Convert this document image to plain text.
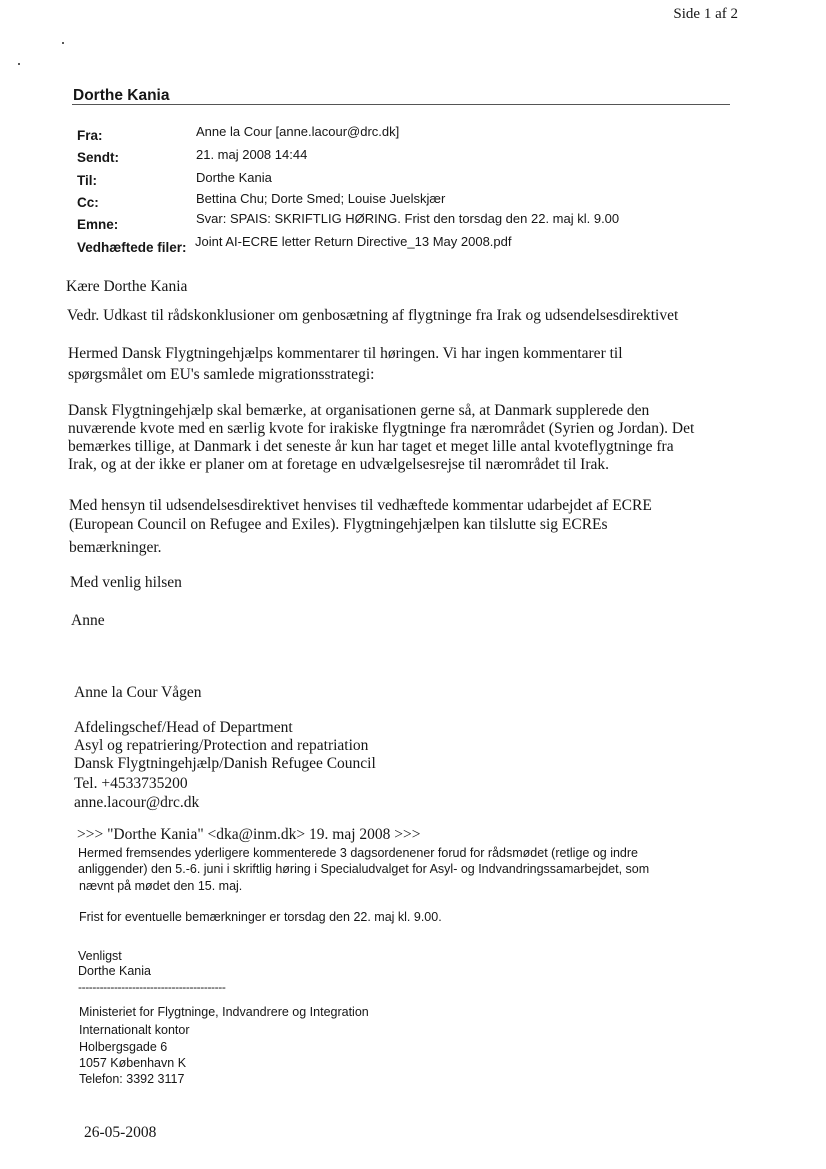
Side 1 af 2
Dorthe Kania
Fra:	Anne la Cour [anne.lacour@drc.dk]
Sendt:	21. maj 2008 14:44
Til:	Dorthe Kania
Cc:	Bettina Chu; Dorte Smed; Louise Juelskjær
Emne:	Svar: SPAIS: SKRIFTLIG HØRING. Frist den torsdag den 22. maj kl. 9.00
Vedhæftede filer: Joint AI-ECRE letter Return Directive_13 May 2008.pdf
Kære Dorthe Kania
Vedr. Udkast til rådskonklusioner om genbosætning af flygtninge fra Irak og udsendelsesdirektivet
Hermed Dansk Flygtningehjælps kommentarer til høringen. Vi har ingen kommentarer til
spørgsmålet om EU's samlede migrationsstrategi:
Dansk Flygtningehjælp skal bemærke, at organisationen gerne så, at Danmark supplerede den
nuværende kvote med en særlig kvote for irakiske flygtninge fra nærområdet (Syrien og Jordan). Det
bemærkes tillige, at Danmark i det seneste år kun har taget et meget lille antal kvoteflygtninge fra
Irak, og at der ikke er planer om at foretage en udvælgelsesrejse til nærområdet til Irak.
Med hensyn til udsendelsesdirektivet henvises til vedhæftede kommentar udarbejdet af ECRE
(European Council on Refugee and Exiles). Flygtningehjælpen kan tilslutte sig ECREs
bemærkninger.
Med venlig hilsen
Anne
Anne la Cour Vågen
Afdelingschef/Head of Department
Asyl og repatriering/Protection and repatriation
Dansk Flygtningehjælp/Danish Refugee Council
Tel. +4533735200
anne.lacour@drc.dk
>>> "Dorthe Kania" <dka@inm.dk> 19. maj 2008 >>>
Hermed fremsendes yderligere kommenterede 3 dagsordenener forud for rådsmødet (retlige og indre
anliggender) den 5.-6. juni i skriftlig høring i Specialudvalget for Asyl- og Indvandringssamarbejdet, som
nævnt på mødet den 15. maj.
Frist for eventuelle bemærkninger er torsdag den 22. maj kl. 9.00.
Venligst
Dorthe Kania
-----------------------------------------
Ministeriet for Flygtninge, Indvandrere og Integration
Internationalt kontor
Holbergsgade 6
1057 København K
Telefon: 3392 3117
26-05-2008
